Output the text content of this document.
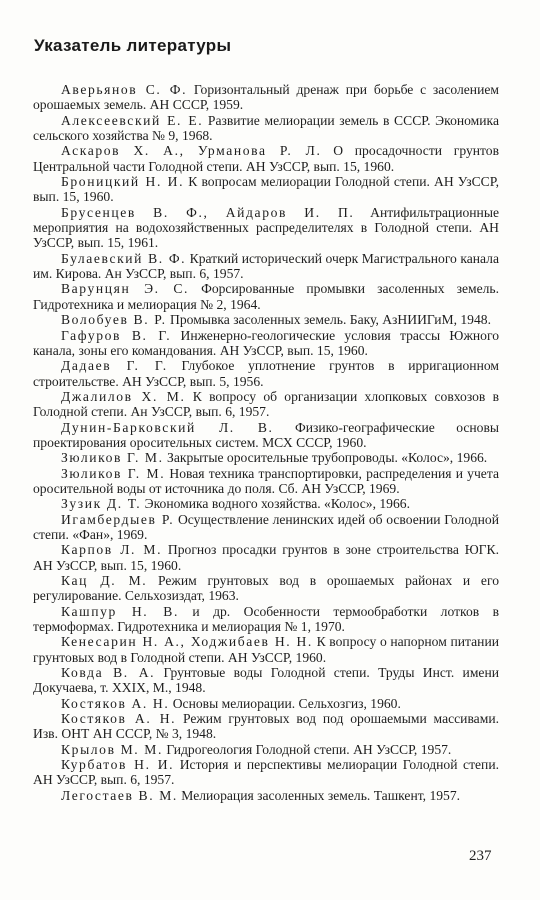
Указатель литературы

Аверьянов С. Ф. Горизонтальный дренаж при борьбе с засолением орошаемых земель. АН СССР, 1959.

Алексеевский Е. Е. Развитие мелиорации земель в СССР. Экономика сельского хозяйства № 9, 1968.

Аскаров Х. А., Урманова Р. Л. О просадочности грунтов Центральной части Голодной степи. АН УзССР, вып. 15, 1960.

Броницкий Н. И. К вопросам мелиорации Голодной степи. АН УзССР, вып. 15, 1960.

Брусенцев В. Ф., Айдаров И. П. Антифильтрационные мероприятия на водохозяйственных распределителях в Голодной степи. АН УзССР, вып. 15, 1961.

Булаевский В. Ф. Краткий исторический очерк Магистрального канала им. Кирова. Ан УзССР, вып. 6, 1957.

Варунцян Э. С. Форсированные промывки засоленных земель. Гидротехника и мелиорация № 2, 1964.

Волобуев В. Р. Промывка засоленных земель. Баку, АзНИИГиМ, 1948.

Гафуров В. Г. Инженерно-геологические условия трассы Южного канала, зоны его командования. АН УзССР, вып. 15, 1960.

Дадаев Г. Г. Глубокое уплотнение грунтов в ирригационном строительстве. АН УзССР, вып. 5, 1956.

Джалилов Х. М. К вопросу об организации хлопковых совхозов в Голодной степи. Ан УзССР, вып. 6, 1957.

Дунин-Барковский Л. В. Физико-географические основы проектирования оросительных систем. МСХ СССР, 1960.

Зюликов Г. М. Закрытые оросительные трубопроводы. «Колос», 1966.

Зюликов Г. М. Новая техника транспортировки, распределения и учета оросительной воды от источника до поля. Сб. АН УзССР, 1969.

Зузик Д. Т. Экономика водного хозяйства. «Колос», 1966.

Игамбердыев Р. Осуществление ленинских идей об освоении Голодной степи. «Фан», 1969.

Карпов Л. М. Прогноз просадки грунтов в зоне строительства ЮГК. АН УзССР, вып. 15, 1960.

Кац Д. М. Режим грунтовых вод в орошаемых районах и его регулирование. Сельхозиздат, 1963.

Кашпур Н. В. и др. Особенности термообработки лотков в термоформах. Гидротехника и мелиорация № 1, 1970.

Кенесарин Н. А., Ходжибаев Н. Н. К вопросу о напорном питании грунтовых вод в Голодной степи. АН УзССР, 1960.

Ковда В. А. Грунтовые воды Голодной степи. Труды Инст. имени Докучаева, т. XXIX, М., 1948.

Костяков А. Н. Основы мелиорации. Сельхозгиз, 1960.

Костяков А. Н. Режим грунтовых вод под орошаемыми массивами. Изв. ОНТ АН СССР, № 3, 1948.

Крылов М. М. Гидрогеология Голодной степи. АН УзССР, 1957.

Курбатов Н. И. История и перспективы мелиорации Голодной степи. АН УзССР, вып. 6, 1957.

Легостаев В. М. Мелиорация засоленных земель. Ташкент, 1957.

237
